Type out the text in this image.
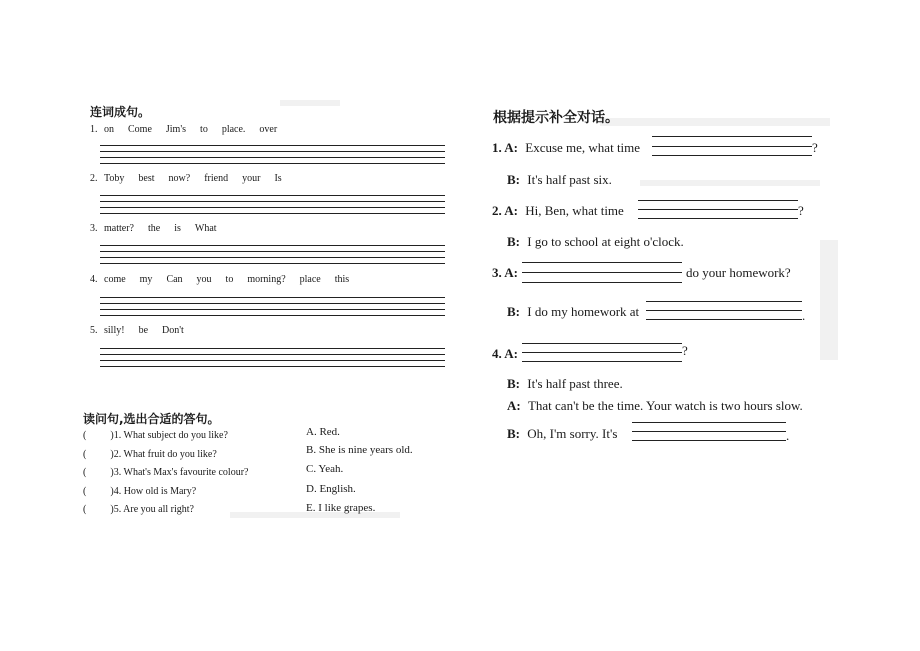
连词成句。
1. on Come Jim's to place. over
2. Toby best now? friend your Is
3. matter? the is What
4. come my Can you to morning? place this
5. silly! be Don't
读问句,选出合适的答句。
( )1. What subject do you like?
( )2. What fruit do you like?
( )3. What's Max's favourite colour?
( )4. How old is Mary?
( )5. Are you all right?
A. Red.
B. She is nine years old.
C. Yeah.
D. English.
E. I like grapes.
根据提示补全对话。
1. A: Excuse me, what time	?
B: It's half past six.
2. A: Hi, Ben, what time	?
B: I go to school at eight o'clock.
3. A:	do your homework?
B: I do my homework at	.
4. A:	?
B: It's half past three.
A: That can't be the time. Your watch is two hours slow.
B: Oh, I'm sorry. It's	.
